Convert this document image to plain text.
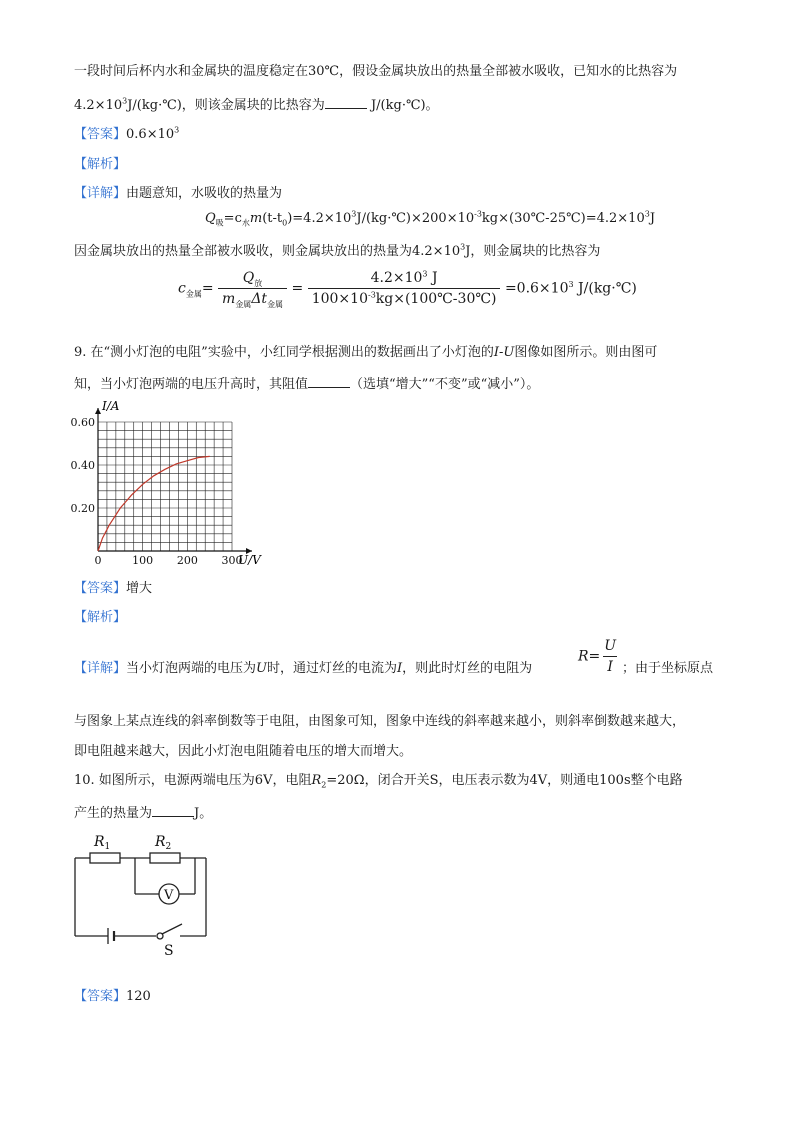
一段时间后杯内水和金属块的温度稳定在30℃，假设金属块放出的热量全部被水吸收，已知水的比热容为
$4.2\times 10^3J/(kg\cdot℃)$，则该金属块的比热容为	J/(kg·℃)。
【答案】$0.6\times 10^3$
【解析】
【详解】由题意知，水吸收的热量为
$Q_吸=c_水m(t-t_0)=4.2\times 10^3J/(kg\cdot℃)\times 200\times 10^{-3}kg\times(30℃-25℃)=4.2\times 10^3J$
因金属块放出的热量全部被水吸收，则金属块放出的热量为$4.2\times 10^3J$，则金属块的比热容为
$c_{金属}= \frac{Q_放}{m_{金属}\Delta t_{金属}} = \frac{4.2\times 10^3 J}{100\times 10^{-3}kg\times(100℃-30℃)} =0.6\times 10^3$ J/(kg·℃)
9. 在“测小灯泡的电阻”实验中，小红同学根据测出的数据画出了小灯泡的I-U图像如图所示。则由图可
知，当小灯泡两端的电压升高时，其阻值	（选填“增大”“不变”或“减小”）。
0	100 200 300
0.20
0.40
0.60
I/A
U/V
【答案】增大
【解析】
【详解】当小灯泡两端的电压为U时，通过灯丝的电流为I，则此时灯丝的电阻为
$R= \frac{U}{I}$ ；由于坐标原点
与图象上某点连线的斜率倒数等于电阻，由图象可知，图象中连线的斜率越来越小，则斜率倒数越来越大，
即电阻越来越大，因此小灯泡电阻随着电压的增大而增大。
10. 如图所示，电源两端电压为6V，电阻$R_2=20\Omega$，闭合开关S，电压表示数为4V，则通电100s整个电路
产生的热量为	J。
$R_1$	$R_2$
V
S
【答案】120
